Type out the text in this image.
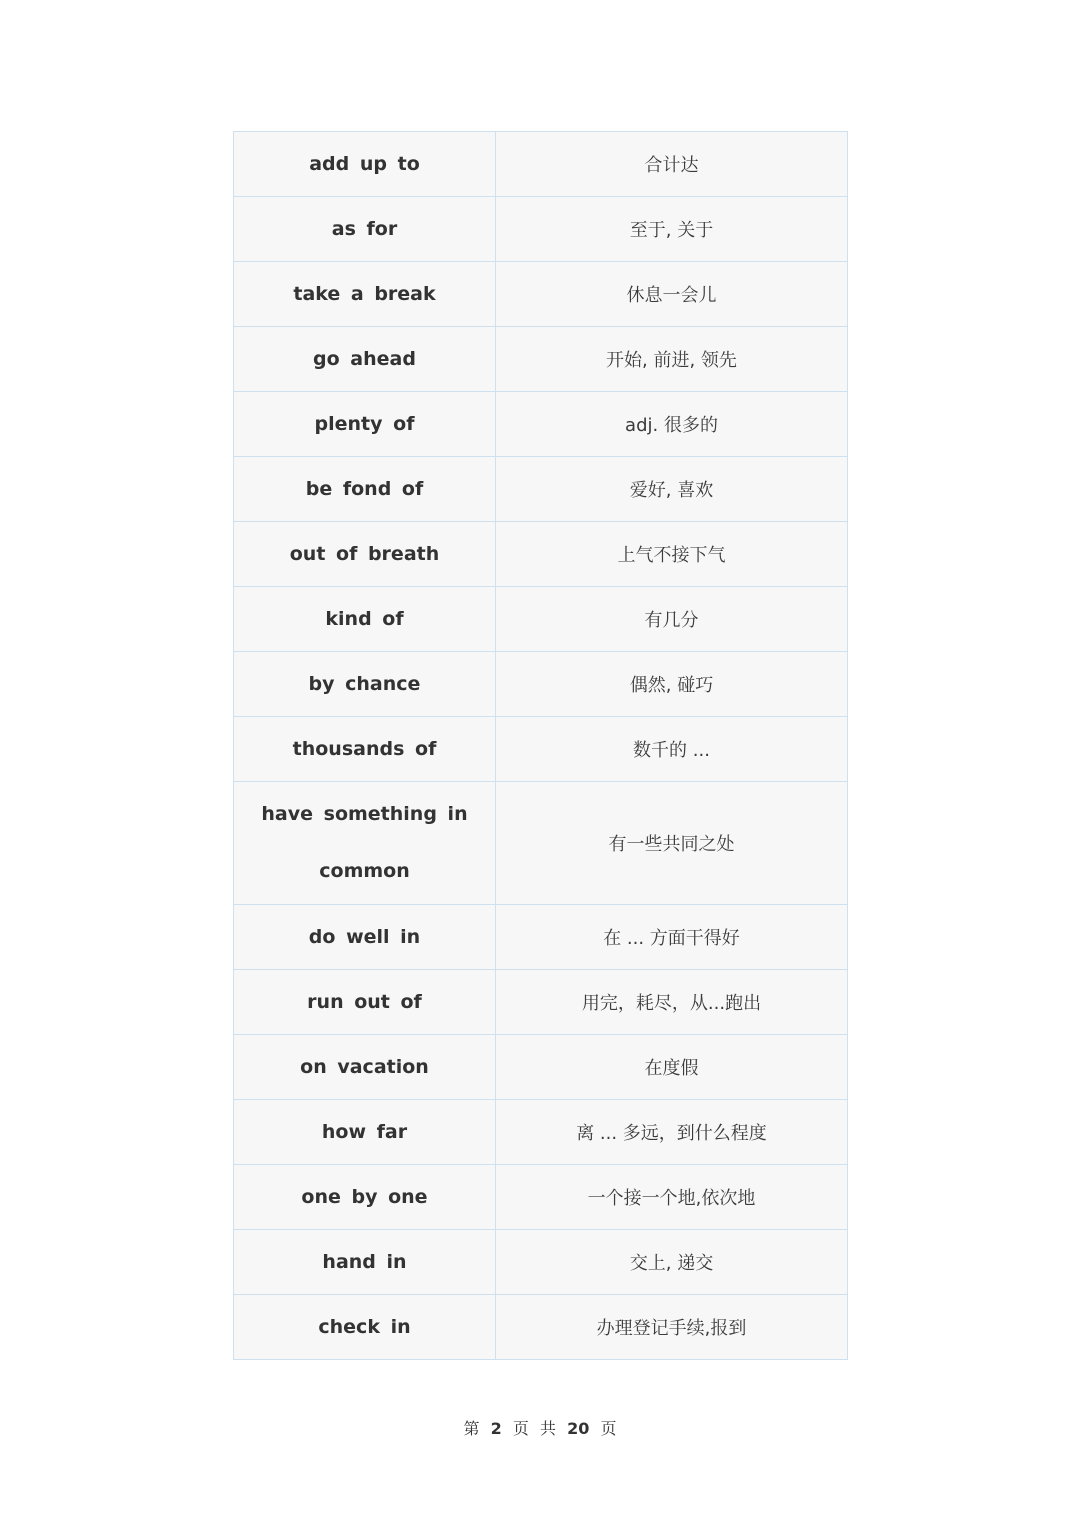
add up to	合计达
as for	至于, 关于
take a break	休息一会儿
go ahead	开始, 前进, 领先
plenty of	adj. 很多的
be fond of	爱好, 喜欢
out of breath	上气不接下气
kind of	有几分
by chance	偶然, 碰巧
thousands of	数千的 ...
have something in common	有一些共同之处
do well in	在 ... 方面干得好
run out of	用完，耗尽，从...跑出
on vacation	在度假
how far	离 ... 多远，到什么程度
one by one	一个接一个地,依次地
hand in	交上, 递交
check in	办理登记手续,报到
第 2 页 共 20 页
